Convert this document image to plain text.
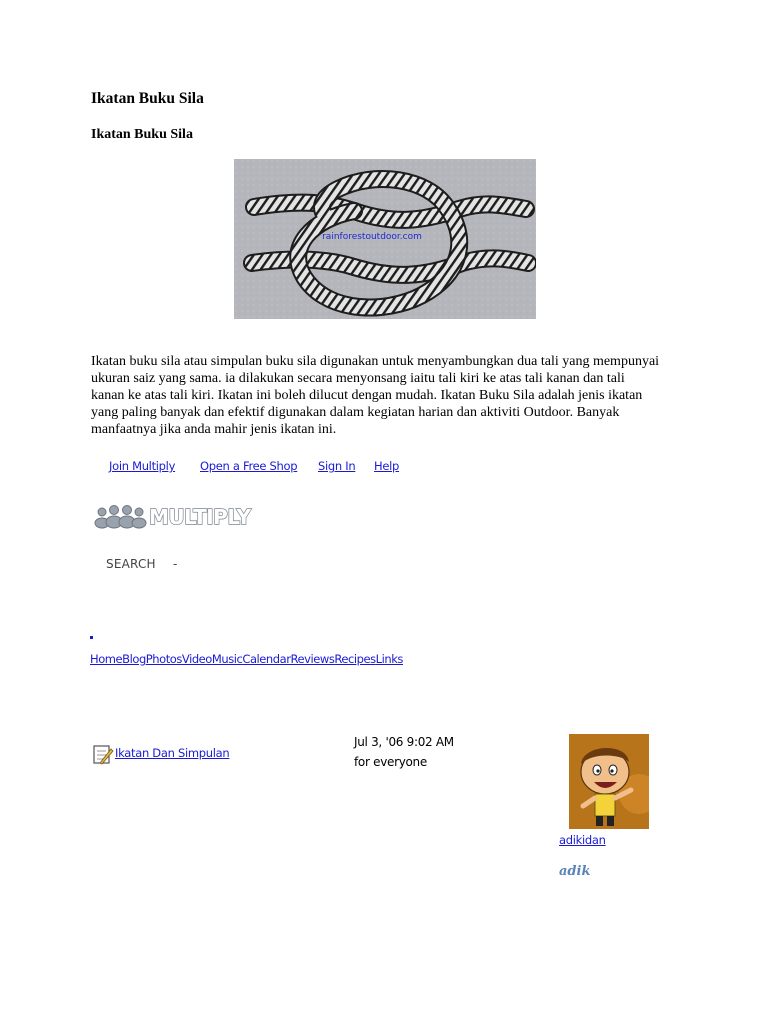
Ikatan Buku Sila
Ikatan Buku Sila
rainforestoutdoor.com
Ikatan buku sila atau simpulan buku sila digunakan untuk menyambungkan dua tali yang mempunyai ukuran saiz yang sama. ia dilakukan secara menyonsang iaitu tali kiri ke atas tali kanan dan tali kanan ke atas tali kiri. Ikatan ini boleh dilucut dengan mudah. Ikatan Buku Sila adalah jenis ikatan yang paling banyak dan efektif digunakan dalam kegiatan harian dan aktiviti Outdoor. Banyak manfaatnya jika anda mahir jenis ikatan ini.
Join Multiply Open a Free Shop Sign In Help
MULTIPLY
SEARCH -
Home Blog Photos Video Music Calendar Reviews Recipes Links
Ikatan Dan Simpulan
Jul 3, '06 9:02 AM
for everyone
adikidan
adik
